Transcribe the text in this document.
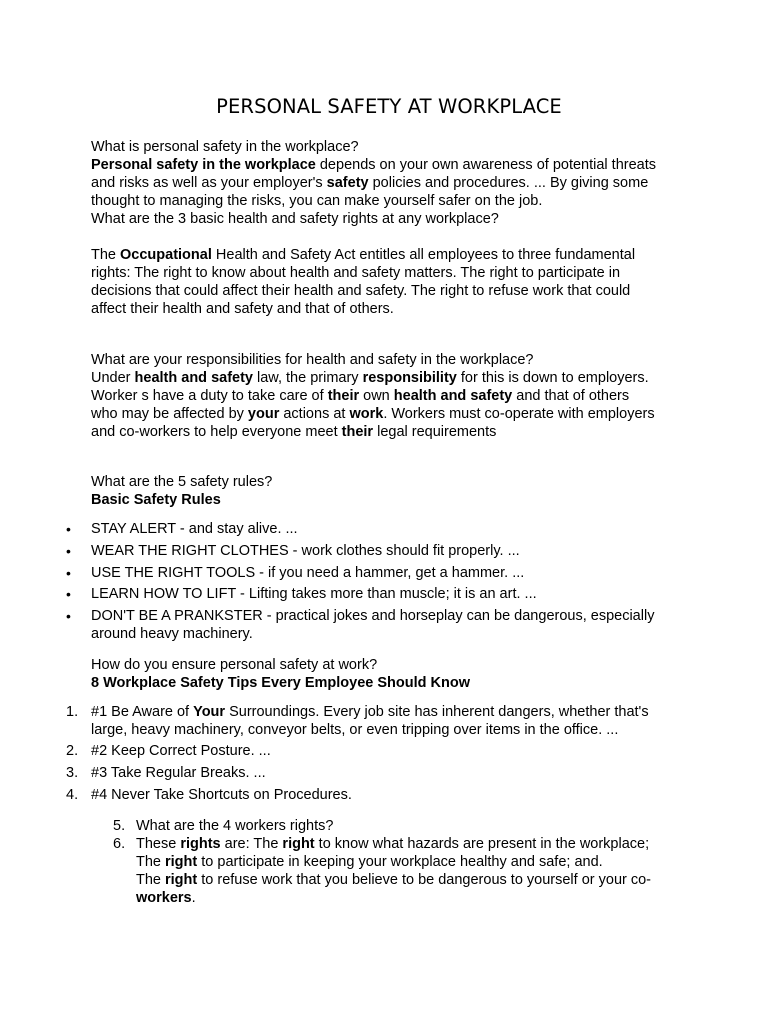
PERSONAL SAFETY AT WORKPLACE
What is personal safety in the workplace?
Personal safety in the workplace depends on your own awareness of potential threats
and risks as well as your employer's safety policies and procedures. ... By giving some
thought to managing the risks, you can make yourself safer on the job.
What are the 3 basic health and safety rights at any workplace?
The Occupational Health and Safety Act entitles all employees to three fundamental
rights: The right to know about health and safety matters. The right to participate in
decisions that could affect their health and safety. The right to refuse work that could
affect their health and safety and that of others.
What are your responsibilities for health and safety in the workplace?
Under health and safety law, the primary responsibility for this is down to employers.
Worker s have a duty to take care of their own health and safety and that of others
who may be affected by your actions at work. Workers must co-operate with employers
and co-workers to help everyone meet their legal requirements
What are the 5 safety rules?
Basic Safety Rules
• STAY ALERT - and stay alive. ...
• WEAR THE RIGHT CLOTHES - work clothes should fit properly. ...
• USE THE RIGHT TOOLS - if you need a hammer, get a hammer. ...
• LEARN HOW TO LIFT - Lifting takes more than muscle; it is an art. ...
• DON'T BE A PRANKSTER - practical jokes and horseplay can be dangerous, especially
around heavy machinery.
How do you ensure personal safety at work?
8 Workplace Safety Tips Every Employee Should Know
1. #1 Be Aware of Your Surroundings. Every job site has inherent dangers, whether that's
large, heavy machinery, conveyor belts, or even tripping over items in the office. ...
2. #2 Keep Correct Posture. ...
3. #3 Take Regular Breaks. ...
4. #4 Never Take Shortcuts on Procedures.
5. What are the 4 workers rights?
6. These rights are: The right to know what hazards are present in the workplace;
The right to participate in keeping your workplace healthy and safe; and.
The right to refuse work that you believe to be dangerous to yourself or your co-
workers.
